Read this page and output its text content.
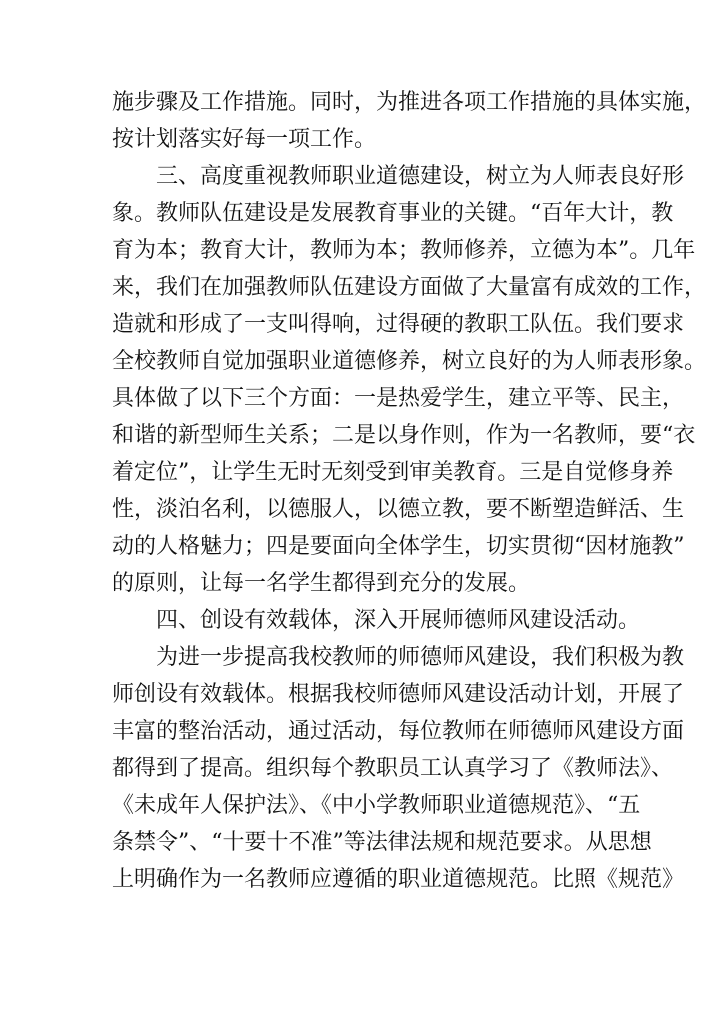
施步骤及工作措施。同时，为推进各项工作措施的具体实施，
按计划落实好每一项工作。
三、高度重视教师职业道德建设，树立为人师表良好形
象。教师队伍建设是发展教育事业的关键。“百年大计，教
育为本；教育大计，教师为本；教师修养，立德为本”。几年
来，我们在加强教师队伍建设方面做了大量富有成效的工作，
造就和形成了一支叫得响，过得硬的教职工队伍。我们要求
全校教师自觉加强职业道德修养，树立良好的为人师表形象。
具体做了以下三个方面：一是热爱学生，建立平等、民主，
和谐的新型师生关系；二是以身作则，作为一名教师，要“衣
着定位”，让学生无时无刻受到审美教育。三是自觉修身养
性，淡泊名利，以德服人，以德立教，要不断塑造鲜活、生
动的人格魅力；四是要面向全体学生，切实贯彻“因材施教”
的原则，让每一名学生都得到充分的发展。
四、创设有效载体，深入开展师德师风建设活动。
为进一步提高我校教师的师德师风建设，我们积极为教
师创设有效载体。根据我校师德师风建设活动计划，开展了
丰富的整治活动，通过活动，每位教师在师德师风建设方面
都得到了提高。组织每个教职员工认真学习了《教师法》、
《未成年人保护法》、《中小学教师职业道德规范》、“五
条禁令”、“十要十不准”等法律法规和规范要求。从思想
上明确作为一名教师应遵循的职业道德规范。比照《规范》
